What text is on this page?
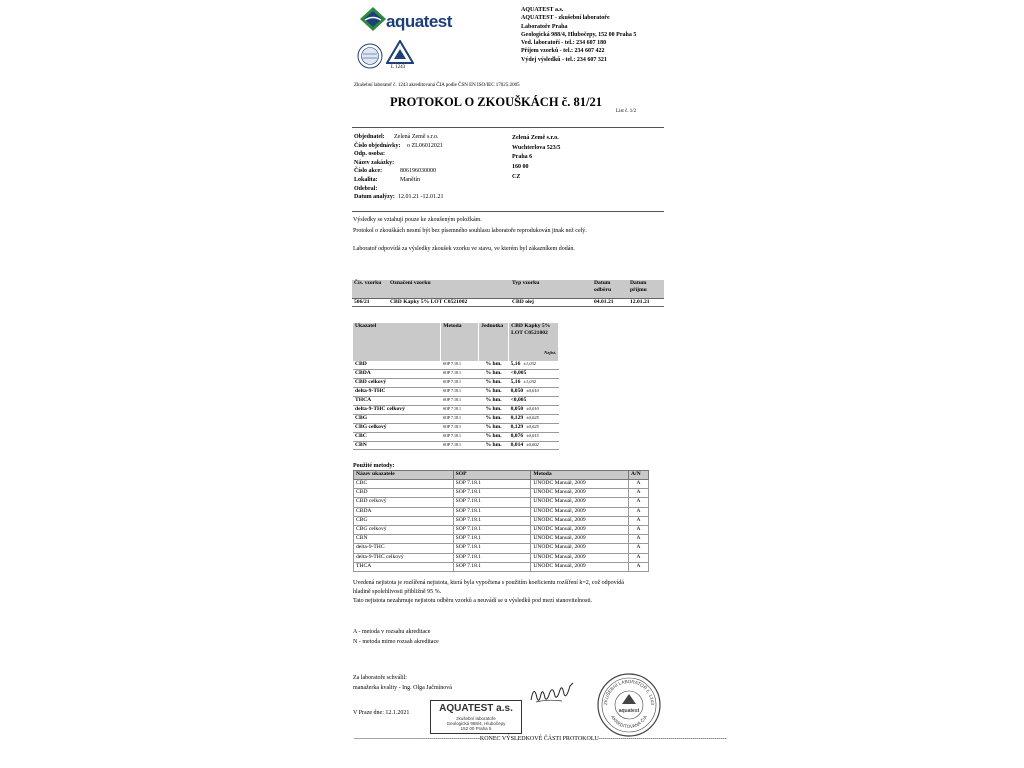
aquatest
AQUATEST a.s.
AQUATEST - zkušební laboratoře
Laboratoře Praha
Geologická 988/4, Hlubočepy, 152 00 Praha 5
Ved. laboratoří - tel.: 234 607 180
Příjem vzorků - tel.: 234 607 422
Výdej výsledků - tel.: 234 607 321
L 1243
Zkušební laboratoř č. 1243 akreditovaná ČIA podle ČSN EN ISO/IEC 17025:2005
PROTOKOL O ZKOUŠKÁCH č. 81/21
List č. 1/2
Objednatel: Zelená Země s.r.o.
Číslo objednávky: o ZL06012021
Odp. osoba:
Název zakázky:
Číslo akce:	806196030000
Lokalita:	Manětín
Odebral:
Datum analýzy: 12.01.21 -12.01.21
Zelená Země s.r.o.
Wuchterlova 523/5
Praha 6
160 00
CZ
Výsledky se vztahují pouze ke zkoušeným položkám.
Protokol o zkouškách nesmí být bez písemného souhlasu laboratoře reprodukován jinak než celý.
Laboratoř odpovídá za výsledky zkoušek vzorku ve stavu, ve kterém byl zákazníkem dodán.
Čís. vzorku	Označení vzorku	Typ vzorku	Datum odběru	Datum příjmu
506/21	CBD Kapky 5% LOT C0521002	CBD olej	04.01.21	12.01.21
Ukazatel	Metoda	Jednotka	CBD Kapky 5% LOT C0521002
Nejist.

CBD	SOP 7.18.1	% hm.	5,16 ±1,032
CBDA	SOP 7.18.1	% hm.	<0,005
CBD celkový	SOP 7.18.1	% hm.	5,16 ±1,032
delta-9-THC	SOP 7.18.1	% hm.	0,050 ±0,010
THCA	SOP 7.18.1	% hm.	<0,005
delta-9-THC celkový	SOP 7.18.1	% hm.	0,050 ±0,010
CBG	SOP 7.18.1	% hm.	0,129 ±0,025
CBG celkový	SOP 7.18.1	% hm.	0,129 ±0,025
CBC	SOP 7.18.1	% hm.	0,076 ±0,015
CBN	SOP 7.18.1	% hm.	0,014 ±0,002
Použité metody:
Název ukazatele	SOP	Metoda	A/N
CBC	SOP 7.18.1	UNODC Manuál, 2009	A
CBD	SOP 7.18.1	UNODC Manuál, 2009	A
CBD celkový	SOP 7.18.1	UNODC Manuál, 2009	A
CBDA	SOP 7.18.1	UNODC Manuál, 2009	A
CBG	SOP 7.18.1	UNODC Manuál, 2009	A
CBG celkový	SOP 7.18.1	UNODC Manuál, 2009	A
CBN	SOP 7.18.1	UNODC Manuál, 2009	A
delta-9-THC	SOP 7.18.1	UNODC Manuál, 2009	A
delta-9-THC celkový	SOP 7.18.1	UNODC Manuál, 2009	A
THCA	SOP 7.18.1	UNODC Manuál, 2009	A
Uvedená nejistota je rozšířená nejistota, která byla vypočtena s použitím koeficientu rozšíření k=2, což odpovídá
hladině spolehlivosti přibližně 95 %.
Tato nejistota nezahrnuje nejistotu odběru vzorků a neuvádí se u výsledků pod mezí stanovitelnosti.
A - metoda v rozsahu akreditace
N - metoda mimo rozsah akreditace
Za laboratoře schválil:
manažerka kvality - Ing. Olga Jačmínová
V Praze dne: 12.1.2021	AQUATEST a.s.
zkušební laboratoře
Geologická 988/4, Hlubočepy
152 00 Praha 5
ZKUŠEBNÍ LABORATOŘ č. 1243
AKREDITOVANÁ ČIA
aquatest
---------------------------------------------------------------KONEC VÝSLEDKOVÉ ČÁSTI PROTOKOLU----------------------------------------------------------------
